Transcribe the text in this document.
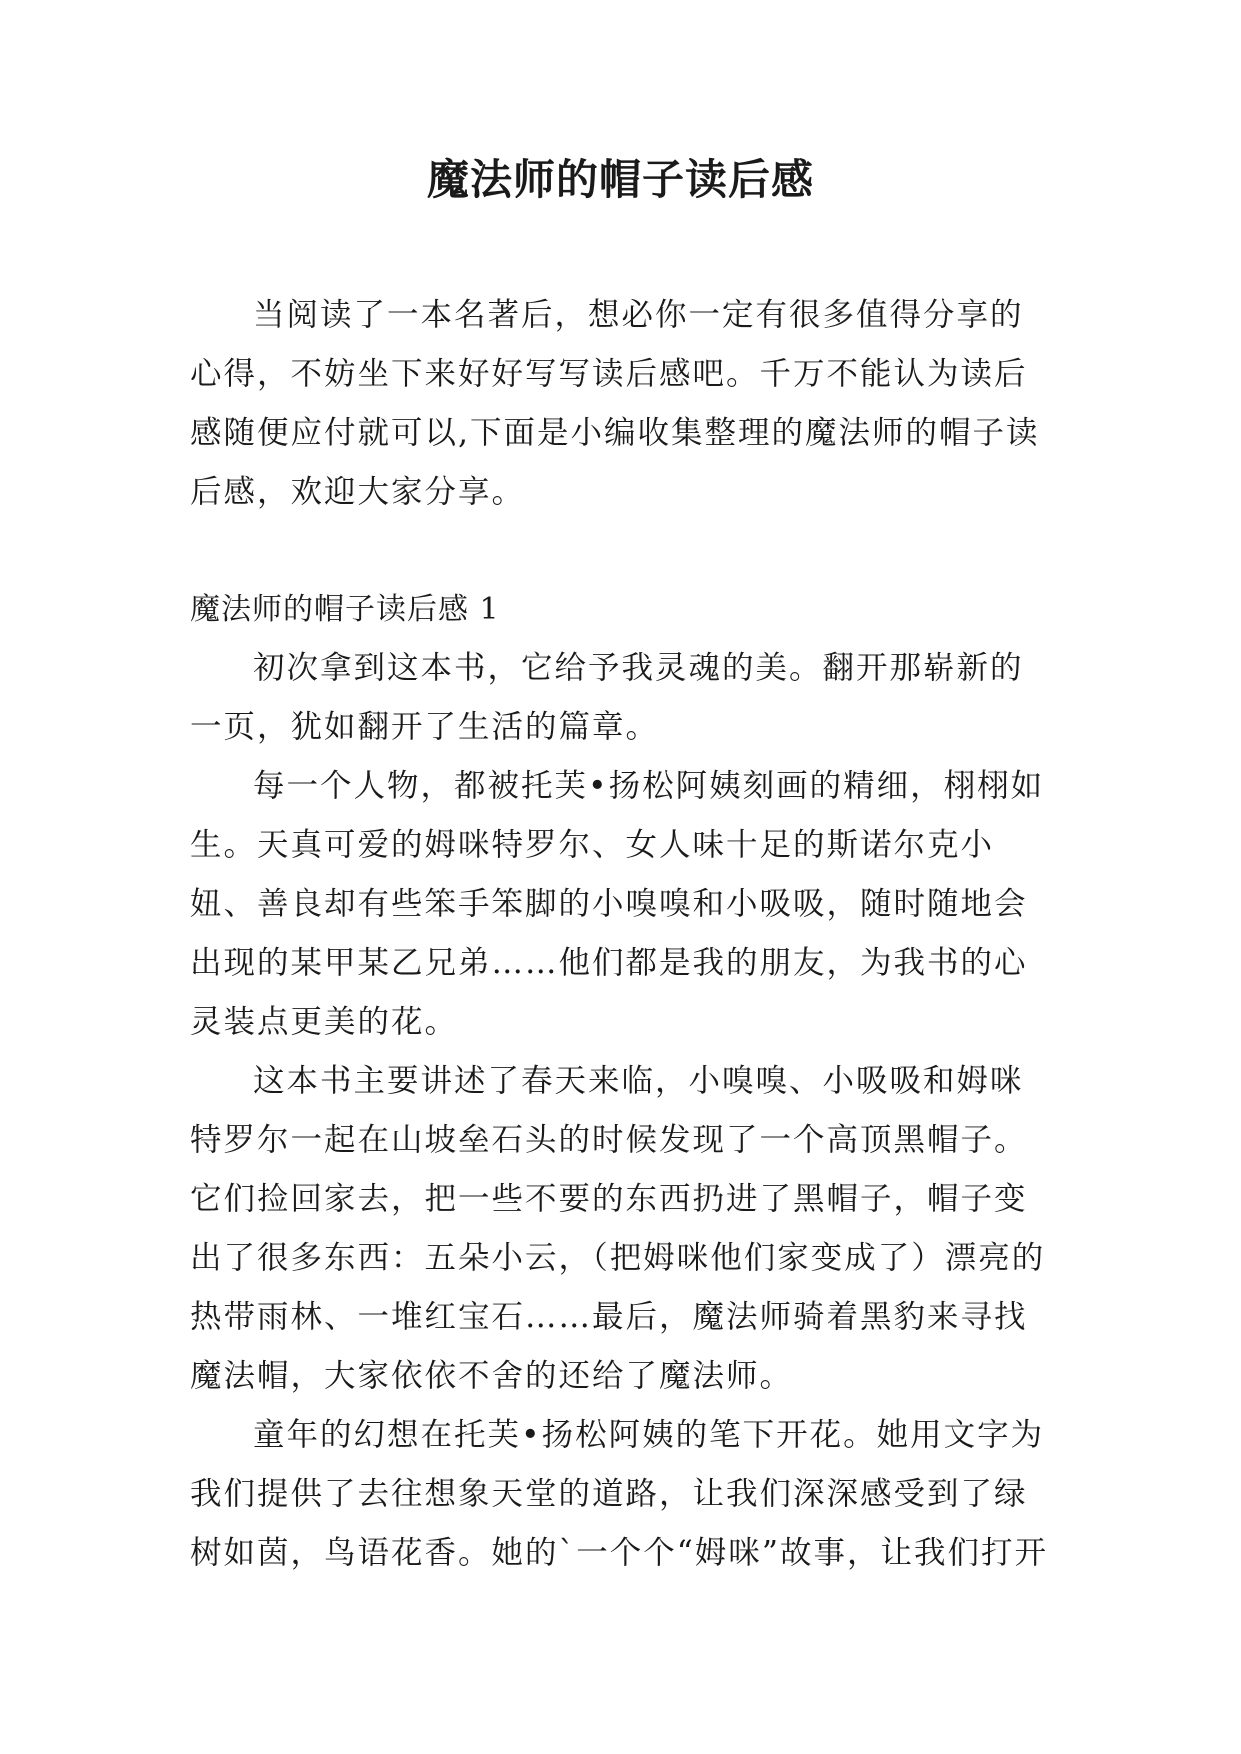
魔法师的帽子读后感

当阅读了一本名著后，想必你一定有很多值得分享的心得，不妨坐下来好好写写读后感吧。千万不能认为读后感随便应付就可以,下面是小编收集整理的魔法师的帽子读后感，欢迎大家分享。

魔法师的帽子读后感 1

初次拿到这本书，它给予我灵魂的美。翻开那崭新的一页，犹如翻开了生活的篇章。

每一个人物，都被托芙•扬松阿姨刻画的精细，栩栩如生。天真可爱的姆咪特罗尔、女人味十足的斯诺尔克小妞、善良却有些笨手笨脚的小嗅嗅和小吸吸，随时随地会出现的某甲某乙兄弟……他们都是我的朋友，为我书的心灵装点更美的花。

这本书主要讲述了春天来临，小嗅嗅、小吸吸和姆咪特罗尔一起在山坡垒石头的时候发现了一个高顶黑帽子。它们捡回家去，把一些不要的东西扔进了黑帽子，帽子变出了很多东西：五朵小云，（把姆咪他们家变成了）漂亮的热带雨林、一堆红宝石……最后，魔法师骑着黑豹来寻找魔法帽，大家依依不舍的还给了魔法师。

童年的幻想在托芙•扬松阿姨的笔下开花。她用文字为我们提供了去往想象天堂的道路，让我们深深感受到了绿树如茵，鸟语花香。她的`一个个“姆咪”故事，让我们打开
